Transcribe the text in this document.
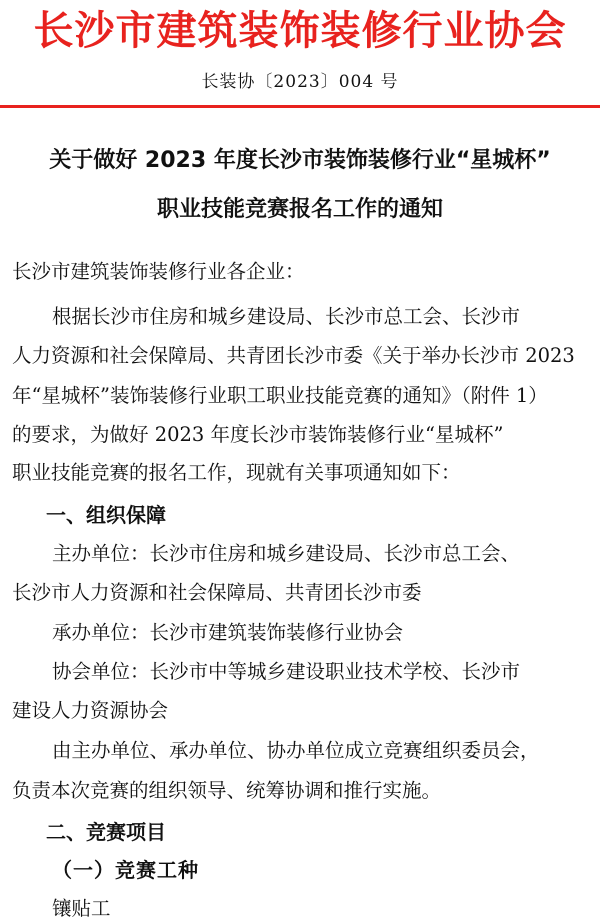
长沙市建筑装饰装修行业协会
长装协〔2023〕004 号
关于做好 2023 年度长沙市装饰装修行业“星城杯”
职业技能竞赛报名工作的通知
长沙市建筑装饰装修行业各企业：
根据长沙市住房和城乡建设局、长沙市总工会、长沙市
人力资源和社会保障局、共青团长沙市委《关于举办长沙市 2023
年“星城杯”装饰装修行业职工职业技能竞赛的通知》（附件 1）
的要求，为做好 2023 年度长沙市装饰装修行业“星城杯”
职业技能竞赛的报名工作，现就有关事项通知如下：
一、组织保障
主办单位：长沙市住房和城乡建设局、长沙市总工会、
长沙市人力资源和社会保障局、共青团长沙市委
承办单位：长沙市建筑装饰装修行业协会
协会单位：长沙市中等城乡建设职业技术学校、长沙市
建设人力资源协会
由主办单位、承办单位、协办单位成立竞赛组织委员会，
负责本次竞赛的组织领导、统筹协调和推行实施。
二、竞赛项目
（一）竞赛工种
镶贴工
